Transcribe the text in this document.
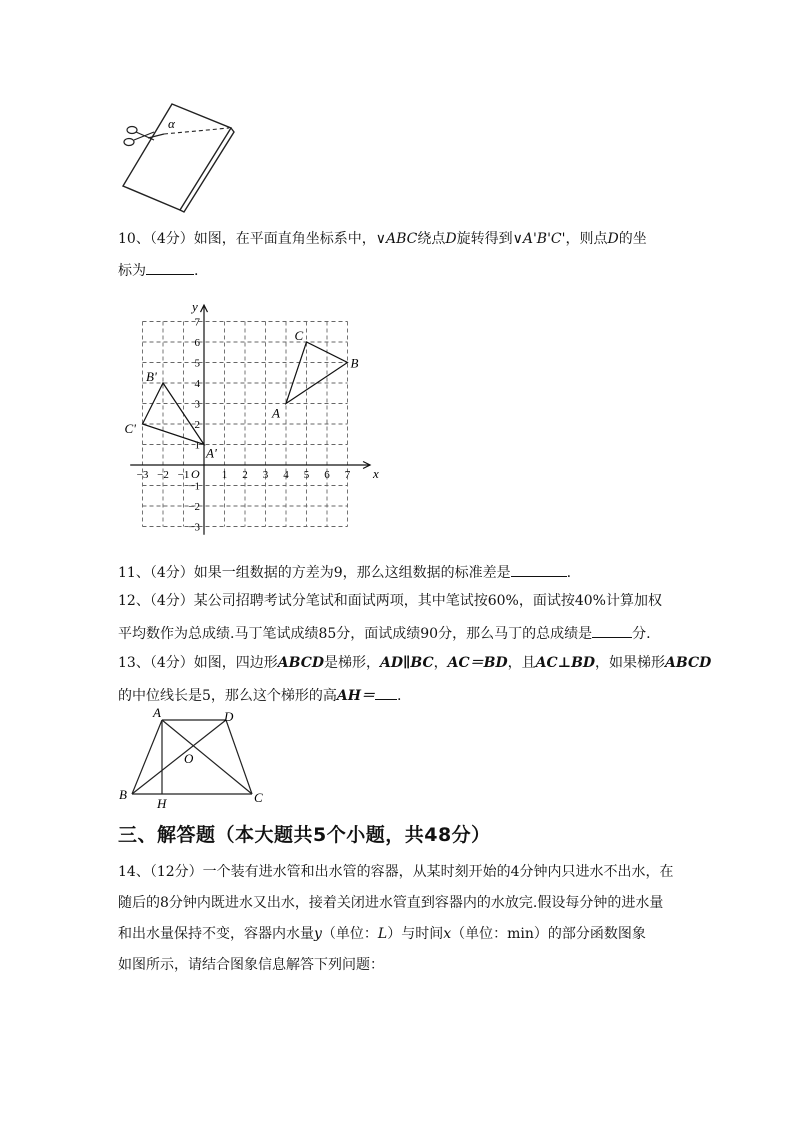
α
10、（4分）如图，在平面直角坐标系中，∨ABC绕点D旋转得到∨A'B'C'，则点D的坐
标为	.
x
y
O
−3 −2 −1	1 2 3 4 5 6 7
7
6
5
4
3
2
1
−1
−2
−3
A
B
C
A'
B'
C'
11、（4分）如果一组数据的方差为9，那么这组数据的标准差是	.
12、（4分）某公司招聘考试分笔试和面试两项，其中笔试按60%，面试按40%计算加权
平均数作为总成绩.马丁笔试成绩85分，面试成绩90分，那么马丁的总成绩是	分.
13、（4分）如图，四边形ABCD是梯形，AD∥BC，AC＝BD，且AC⊥BD，如果梯形ABCD
的中位线长是5，那么这个梯形的高AH＝ .
A	D
O
B
H	C
三、解答题（本大题共5个小题，共48分）
14、（12分）一个装有进水管和出水管的容器，从某时刻开始的4分钟内只进水不出水，在
随后的8分钟内既进水又出水，接着关闭进水管直到容器内的水放完.假设每分钟的进水量
和出水量保持不变，容器内水量y（单位：L）与时间x（单位：min）的部分函数图象
如图所示，请结合图象信息解答下列问题：
